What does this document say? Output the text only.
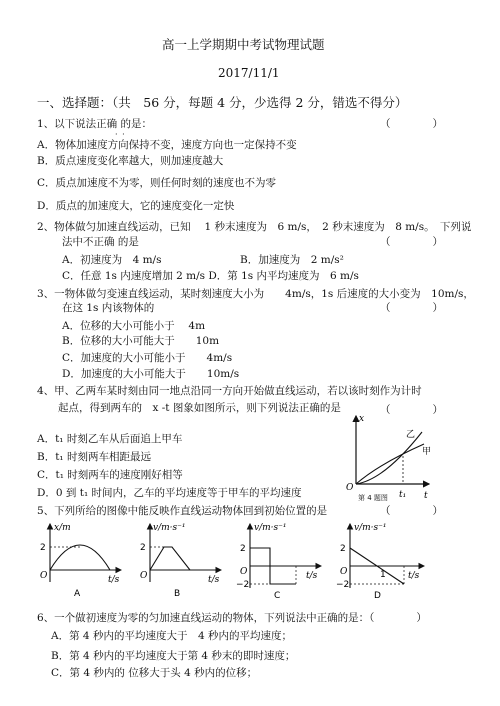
高一上学期期中考试物理试题
2017/11/1
一、选择题：（共　56 分，每题 4 分，少选得 2 分，错选不得分）
1、以下说法正确 的是：
· ·
（　　　　）
A．物体加速度方向保持不变，速度方向也一定保持不变
B．质点速度变化率越大，则加速度越大
C．质点加速度不为零，则任何时刻的速度也不为零
D．质点的加速度大，它的速度变化一定快
2、物体做匀加速直线运动，已知　 1 秒末速度为　6 m/s，　2 秒末速度为　8 m/s。　下列说
法中不正确 的是	（　　　　）
A．初速度为　4 m/s	B．加速度为　2 m/s²
C．任意 1s 内速度增加 2 m/s D．第 1s 内平均速度为　6 m/s
3、一物体做匀变速直线运动，某时刻速度大小为　　4m/s，1s 后速度的大小变为　10m/s，
在这 1s 内该物体的	（　　　　）
A．位移的大小可能小于　 4m
B．位移的大小可能大于　　10m
C．加速度的大小可能小于　　4m/s
D．加速度的大小可能大于　　10m/s
4、甲、乙两车某时刻由同一地点沿同一方向开始做直线运动，若以该时刻作为计时
起点，得到两车的　x -t 图象如图所示，则下列说法正确的是	（　　　　）
A．t₁ 时刻乙车从后面追上甲车
B．t₁ 时刻两车相距最远
C．t₁ 时刻两车的速度刚好相等
D．0 到 t₁ 时间内，乙车的平均速度等于甲车的平均速度
x
t
O
t₁
乙
甲
第 4 题图
5、下列所给的图像中能反映作直线运动物体回到初始位置的是	（　　　　）
x/m
2
O	t/s
A
v/m·s⁻¹
2
O	t/s
B
v/m·s⁻¹
2
−2
O	t/s
C
v/m·s⁻¹
2
−2
1
O	t/s
D
6、一个做初速度为零的匀加速直线运动的物体，下列说法中正确的是：（　　　　）
A．第 4 秒内的平均速度大于　4 秒内的平均速度；
B．第 4 秒内的平均速度大于第 4 秒末的即时速度；
C．第 4 秒内的 位移大于头 4 秒内的位移；
